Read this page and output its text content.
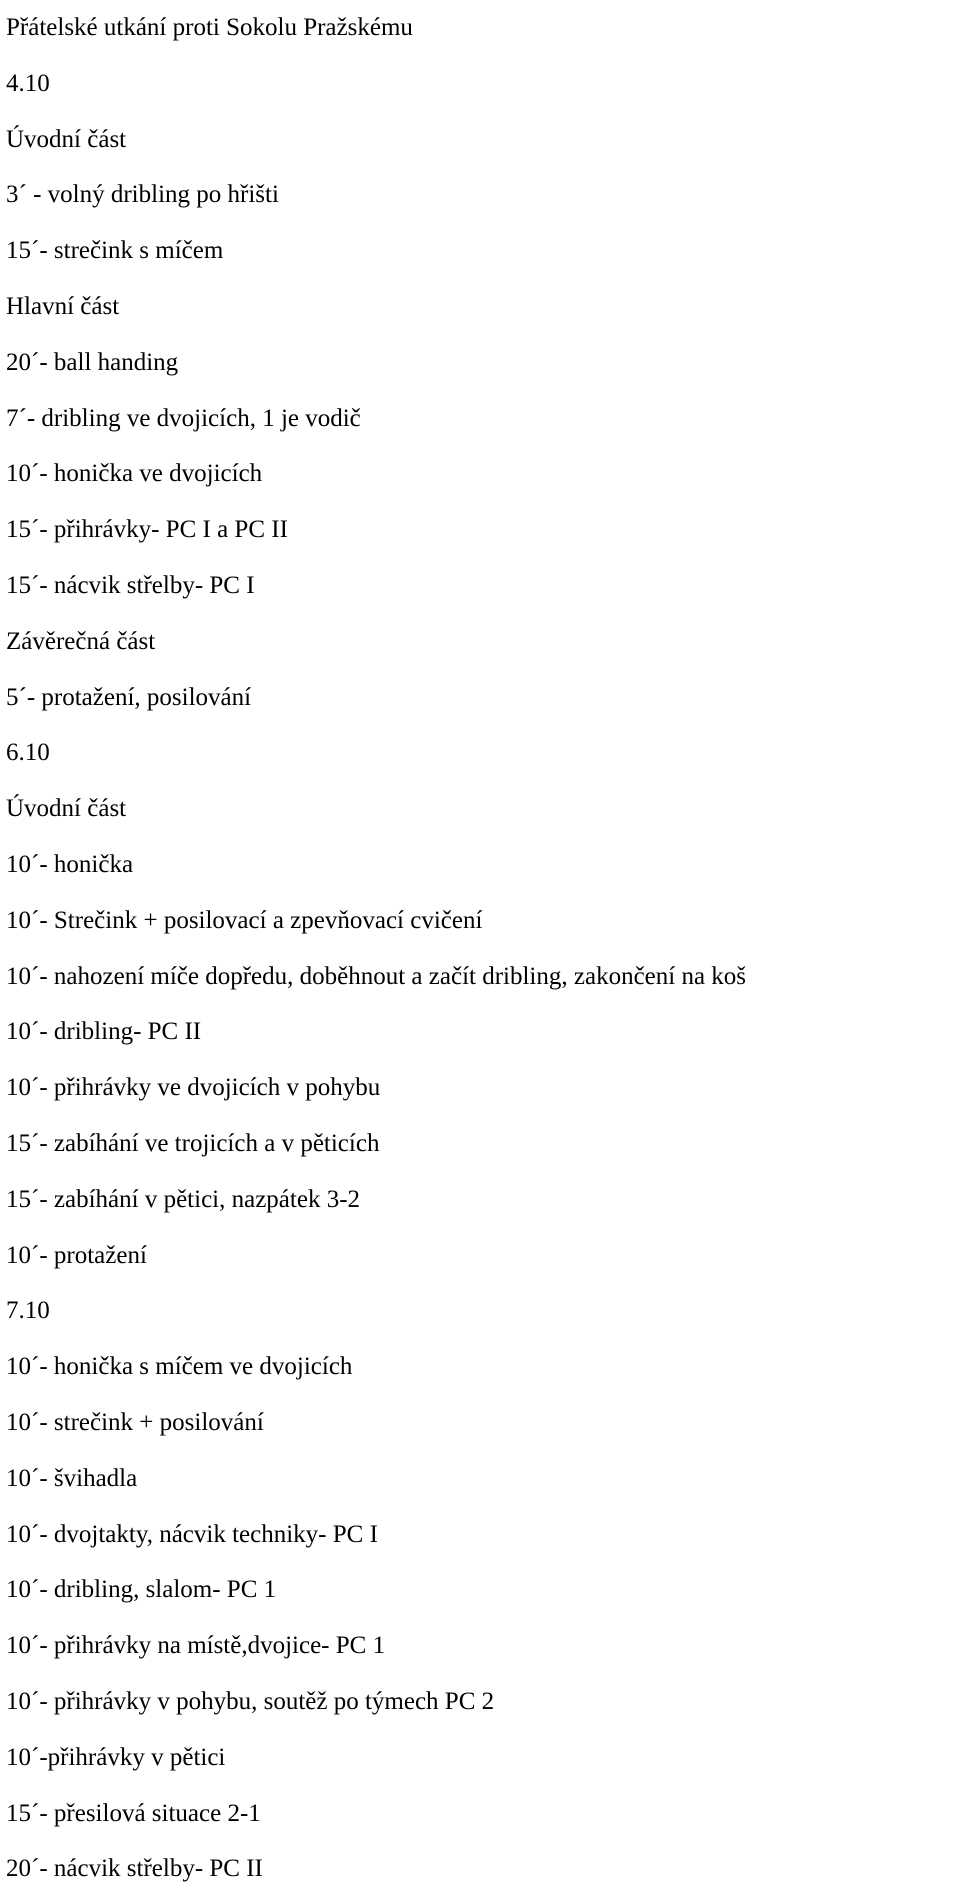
Přátelské utkání proti Sokolu Pražskému

4.10

Úvodní část

3´ - volný dribling po hřišti

15´- strečink s míčem

Hlavní část

20´- ball handing

7´- dribling ve dvojicích, 1 je vodič

10´- honička ve dvojicích

15´- přihrávky- PC I a PC II

15´- nácvik střelby- PC I

Závěrečná část

5´- protažení, posilování

6.10

Úvodní část

10´- honička

10´- Strečink + posilovací a zpevňovací cvičení

10´- nahození míče dopředu, doběhnout a začít dribling, zakončení na koš

10´- dribling- PC II

10´- přihrávky ve dvojicích v pohybu

15´- zabíhání ve trojicích a v pěticích

15´- zabíhání v pětici, nazpátek 3-2

10´- protažení

7.10

10´- honička s míčem ve dvojicích

10´- strečink + posilování

10´- švihadla

10´- dvojtakty, nácvik techniky- PC I

10´- dribling, slalom- PC 1

10´- přihrávky na místě,dvojice- PC 1

10´- přihrávky v pohybu, soutěž po týmech PC 2

10´-přihrávky v pětici

15´- přesilová situace 2-1

20´- nácvik střelby- PC II
